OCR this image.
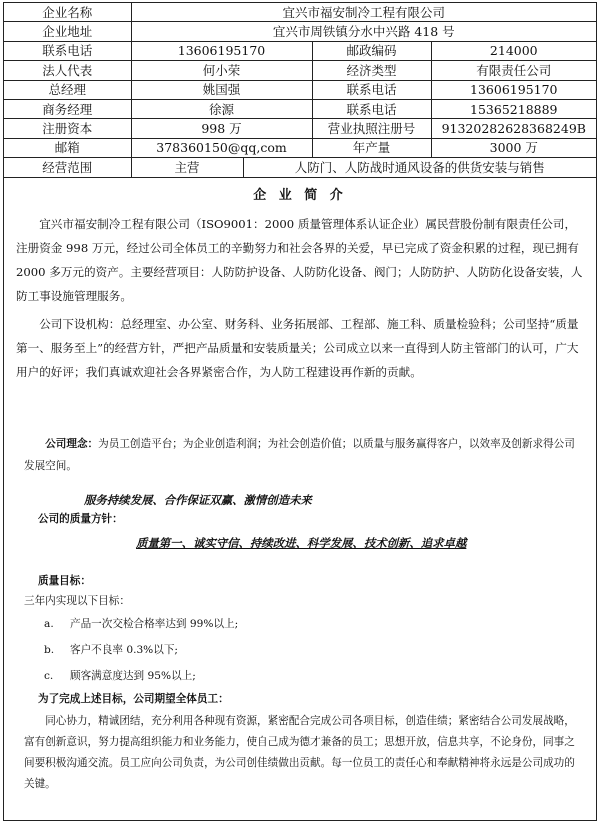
企业名称	宜兴市福安制冷工程有限公司			
企业地址	宜兴市周铁镇分水中兴路 418 号			
联系电话	13606195170		邮政编码	214000
法人代表	何小荣		经济类型	有限责任公司
总经理	姚国强		联系电话	13606195170
商务经理	徐源		联系电话	15365218889
注册资本	998 万		营业执照注册号	91320282628368249B
邮箱	378360150@qq,com		年产量	3000 万
经营范围	主营	人防门、人防战时通风设备的供货安装与销售		
企 业 简 介

宜兴市福安制冷工程有限公司（ISO9001：2000 质量管理体系认证企业）属民营股份制有限责任公司，注册资金 998 万元，经过公司全体员工的辛勤努力和社会各界的关爱，早已完成了资金积累的过程，现已拥有 2000 多万元的资产。主要经营项目：人防防护设备、人防防化设备、阀门；人防防护、人防防化设备安装，人防工事设施管理服务。

公司下设机构：总经理室、办公室、财务科、业务拓展部、工程部、施工科、质量检验科；公司坚持“质量第一、服务至上”的经营方针，严把产品质量和安装质量关；公司成立以来一直得到人防主管部门的认可，广大用户的好评；我们真诚欢迎社会各界紧密合作，为人防工程建设再作新的贡献。

公司理念：为员工创造平台；为企业创造利润；为社会创造价值；以质量与服务赢得客户，以效率及创新求得公司发展空间。
服务持续发展、合作保证双赢、激情创造未来
公司的质量方针：
质量第一、诚实守信、持续改进、科学发展、技术创新、追求卓越
质量目标：
三年内实现以下目标：
a. 产品一次交检合格率达到 99%以上;
b. 客户不良率 0.3%以下;
c. 顾客满意度达到 95%以上;
为了完成上述目标，公司期望全体员工：
同心协力，精诚团结，充分利用各种现有资源，紧密配合完成公司各项目标，创造佳绩；紧密结合公司发展战略，富有创新意识，努力提高组织能力和业务能力，使自己成为德才兼备的员工；思想开放，信息共享，不论身份，同事之间要积极沟通交流。员工应向公司负责，为公司创佳绩做出贡献。每一位员工的责任心和奉献精神将永远是公司成功的关键。
